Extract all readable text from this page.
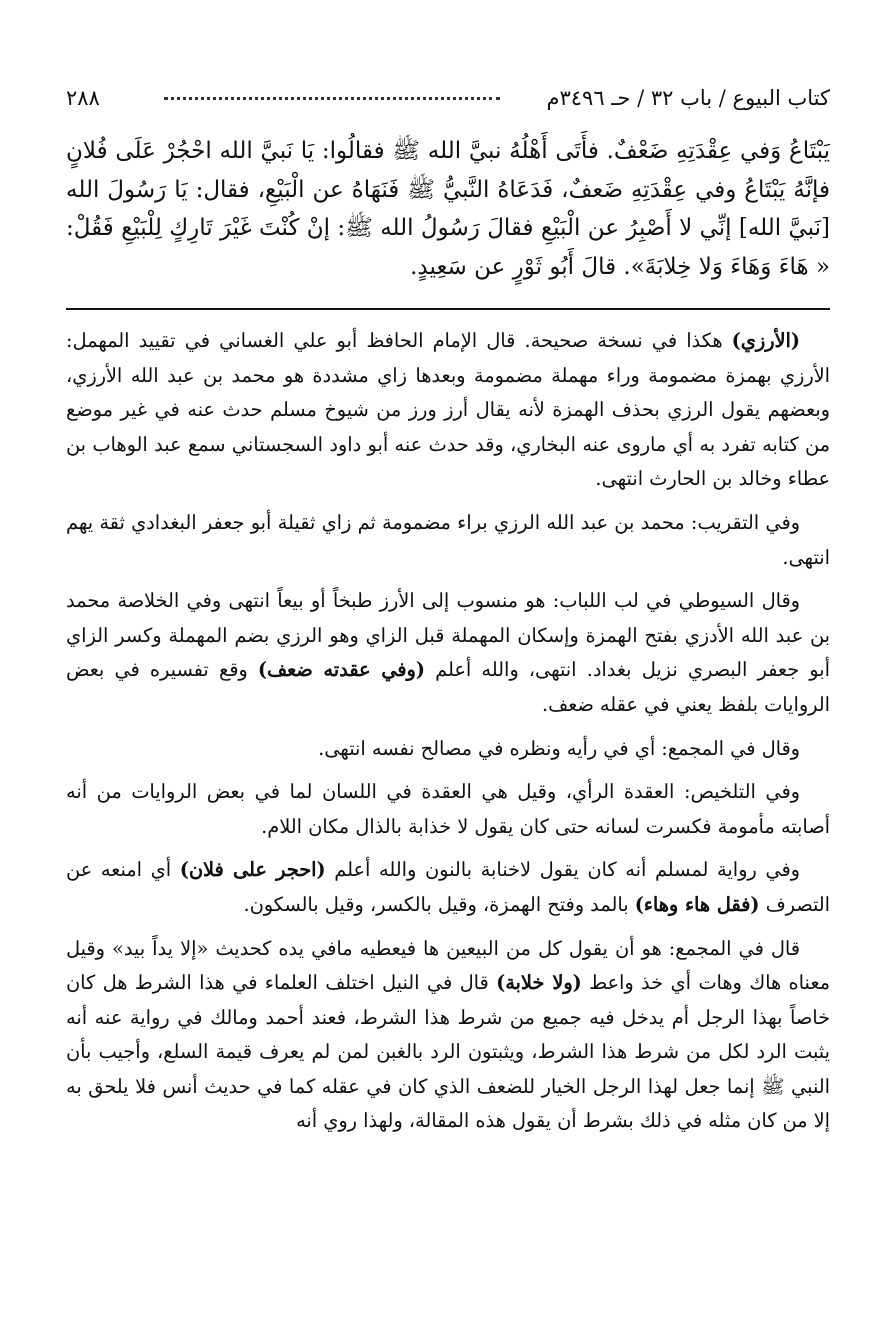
كتاب البيوع / باب ٣٢ / حـ ٣٤٩٦م
٢٨٨
يَبْتَاعُ وَفي عِقْدَتِهِ ضَعْفٌ. فأَتَى أَهْلُهُ نبيَّ الله ﷺ فقالُوا: يَا نَبيَّ الله احْجُرْ عَلَى فُلانٍ فإنَّهُ يَبْتَاعُ وفي عِقْدَتِهِ ضَعفٌ، فَدَعَاهُ النَّبيُّ ﷺ فَنَهَاهُ عن الْبَيْعِ، فقال: يَا رَسُولَ الله [نَبيَّ الله] إنِّي لا أَصْبِرُ عن الْبَيْعِ فقالَ رَسُولُ الله ﷺ: إنْ كُنْتَ غَيْرَ تَارِكٍ لِلْبَيْعِ فَقُلْ: « هَاءَ وَهَاءَ وَلا خِلابَةَ». قالَ أَبُو ثَوْرٍ عن سَعِيدٍ.

(الأرزي) هكذا في نسخة صحيحة. قال الإمام الحافظ أبو علي الغساني في تقييد المهمل: الأرزي بهمزة مضمومة وراء مهملة مضمومة وبعدها زاي مشددة هو محمد بن عبد الله الأرزي، وبعضهم يقول الرزي بحذف الهمزة لأنه يقال أرز ورز من شيوخ مسلم حدث عنه في غير موضع من كتابه تفرد به أي ماروى عنه البخاري، وقد حدث عنه أبو داود السجستاني سمع عبد الوهاب بن عطاء وخالد بن الحارث انتهى.

وفي التقريب: محمد بن عبد الله الرزي براء مضمومة ثم زاي ثقيلة أبو جعفر البغدادي ثقة يهم انتهى.

وقال السيوطي في لب اللباب: هو منسوب إلى الأرز طبخاً أو بيعاً انتهى وفي الخلاصة محمد بن عبد الله الأدزي بفتح الهمزة وإسكان المهملة قبل الزاي وهو الرزي بضم المهملة وكسر الزاي أبو جعفر البصري نزيل بغداد. انتهى، والله أعلم (وفي عقدته ضعف) وقع تفسيره في بعض الروايات بلفظ يعني في عقله ضعف.

وقال في المجمع: أي في رأيه ونظره في مصالح نفسه انتهى.

وفي التلخيص: العقدة الرأي، وقيل هي العقدة في اللسان لما في بعض الروايات من أنه أصابته مأمومة فكسرت لسانه حتى كان يقول لا خذابة بالذال مكان اللام.

وفي رواية لمسلم أنه كان يقول لاخنابة بالنون والله أعلم (احجر على فلان) أي امنعه عن التصرف (فقل هاء وهاء) بالمد وفتح الهمزة، وقيل بالكسر، وقيل بالسكون.

قال في المجمع: هو أن يقول كل من البيعين ها فيعطيه مافي يده كحديث «إلا يداً بيد» وقيل معناه هاك وهات أي خذ واعط (ولا خلابة) قال في النيل اختلف العلماء في هذا الشرط هل كان خاصاً بهذا الرجل أم يدخل فيه جميع من شرط هذا الشرط، فعند أحمد ومالك في رواية عنه أنه يثبت الرد لكل من شرط هذا الشرط، ويثبتون الرد بالغبن لمن لم يعرف قيمة السلع، وأجيب بأن النبي ﷺ إنما جعل لهذا الرجل الخيار للضعف الذي كان في عقله كما في حديث أنس فلا يلحق به إلا من كان مثله في ذلك بشرط أن يقول هذه المقالة، ولهذا روي أنه
